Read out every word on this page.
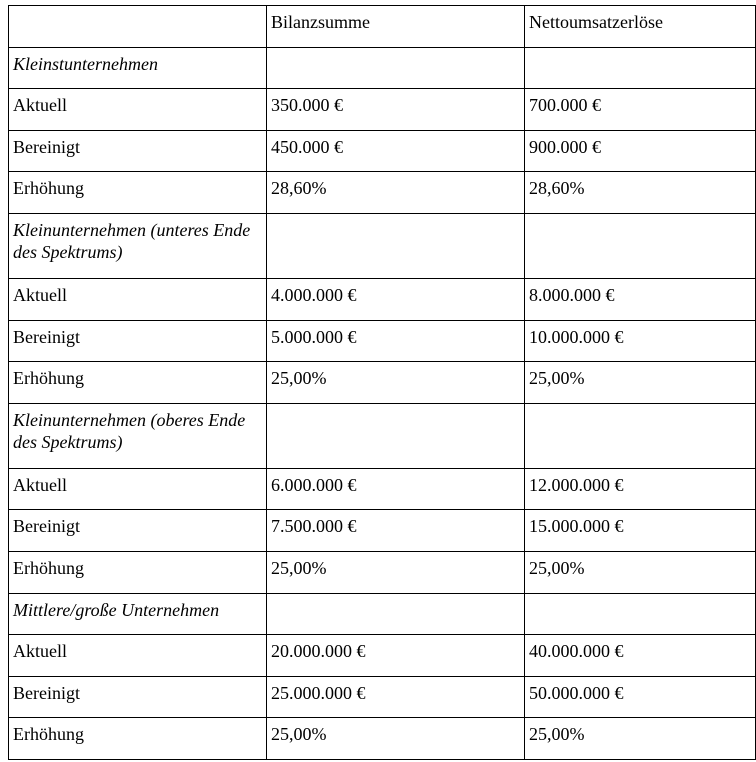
	Bilanzsumme	Nettoumsatzerlöse
Kleinstunternehmen		
Aktuell	350.000 €	700.000 €
Bereinigt	450.000 €	900.000 €
Erhöhung	28,60%	28,60%
Kleinunternehmen (unteres Ende des Spektrums)		
Aktuell	4.000.000 €	8.000.000 €
Bereinigt	5.000.000 €	10.000.000 €
Erhöhung	25,00%	25,00%
Kleinunternehmen (oberes Ende des Spektrums)		
Aktuell	6.000.000 €	12.000.000 €
Bereinigt	7.500.000 €	15.000.000 €
Erhöhung	25,00%	25,00%
Mittlere/große Unternehmen		
Aktuell	20.000.000 €	40.000.000 €
Bereinigt	25.000.000 €	50.000.000 €
Erhöhung	25,00%	25,00%
